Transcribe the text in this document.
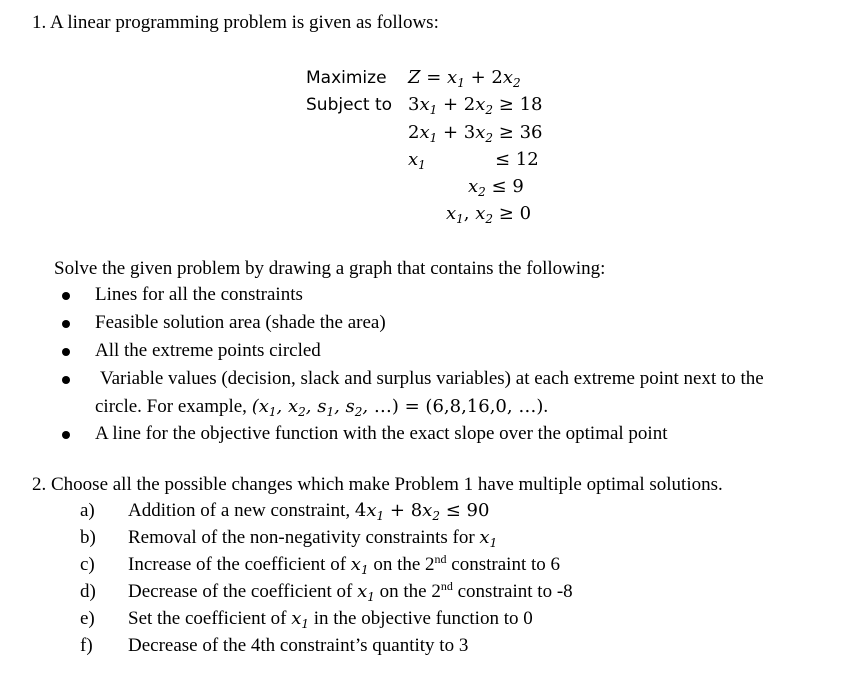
1. A linear programming problem is given as follows:
Maximize $Z = x_1 + 2x_2$
Subject to $3x_1 + 2x_2 \ge 18$
$2x_1 + 3x_2 \ge 36$
$x_1$	≤ 12
$x_2 \le 9$
$x_1$, $x_2 \ge 0$
Solve the given problem by drawing a graph that contains the following:
Lines for all the constraints
Feasible solution area (shade the area)
All the extreme points circled
Variable values (decision, slack and surplus variables) at each extreme point next to the
circle. For example, ($x_1$, $x_2$, $s_1$, $s_2$, …) = (6,8,16,0, …).
A line for the objective function with the exact slope over the optimal point
2. Choose all the possible changes which make Problem 1 have multiple optimal solutions.
a) Addition of a new constraint, $4x_1 + 8x_2 \le 90$
b) Removal of the non-negativity constraints for $x_1$
c) Increase of the coefficient of $x_1$ on the 2nd constraint to 6
d) Decrease of the coefficient of $x_1$ on the 2nd constraint to -8
e) Set the coefficient of $x_1$ in the objective function to 0
f) Decrease of the 4th constraint’s quantity to 3
